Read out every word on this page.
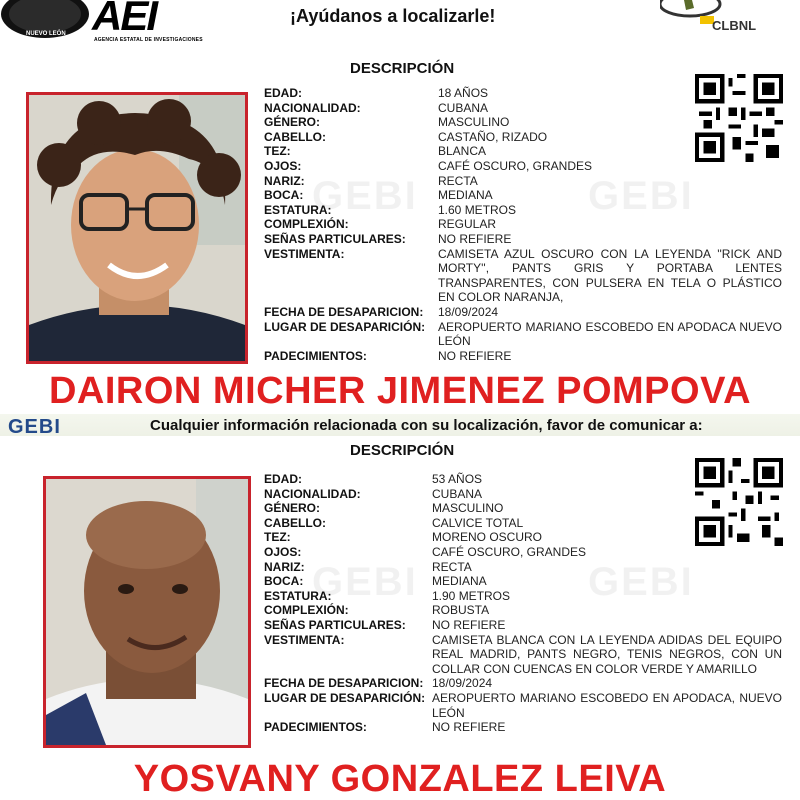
NUEVO LEÓN AEI
AGENCIA ESTATAL DE INVESTIGACIONES
¡Ayúdanos a localizarle!	CLBNL
GEBI	GEBI
DESCRIPCIÓN
EDAD:	18 AÑOS
NACIONALIDAD:	CUBANA
GÉNERO:	MASCULINO
CABELLO:	CASTAÑO, RIZADO
TEZ:	BLANCA
OJOS:	CAFÉ OSCURO, GRANDES
NARIZ:	RECTA
BOCA:	MEDIANA
ESTATURA:	1.60 METROS
COMPLEXIÓN:	REGULAR
SEÑAS PARTICULARES:	NO REFIERE
VESTIMENTA:	CAMISETA AZUL OSCURO CON LA LEYENDA ''RICK AND MORTY'', PANTS GRIS Y PORTABA LENTES TRANSPARENTES, CON PULSERA EN TELA O PLÁSTICO EN COLOR NARANJA,
FECHA DE DESAPARICION:	18/09/2024
LUGAR DE DESAPARICIÓN:	AEROPUERTO MARIANO ESCOBEDO EN APODACA NUEVO LEÓN
PADECIMIENTOS:	NO REFIERE
DAIRON MICHER JIMENEZ POMPOVA
GEBI	Cualquier información relacionada con su localización, favor de comunicar a:
GEBI	GEBI
DESCRIPCIÓN
EDAD:	53 AÑOS
NACIONALIDAD:	CUBANA
GÉNERO:	MASCULINO
CABELLO:	CALVICE TOTAL
TEZ:	MORENO OSCURO
OJOS:	CAFÉ OSCURO, GRANDES
NARIZ:	RECTA
BOCA:	MEDIANA
ESTATURA:	1.90 METROS
COMPLEXIÓN:	ROBUSTA
SEÑAS PARTICULARES:	NO REFIERE
VESTIMENTA:	CAMISETA BLANCA CON LA LEYENDA ADIDAS DEL EQUIPO REAL MADRID, PANTS NEGRO, TENIS NEGROS, CON UN COLLAR CON CUENCAS EN COLOR VERDE Y AMARILLO
FECHA DE DESAPARICION: 18/09/2024
LUGAR DE DESAPARICIÓN: AEROPUERTO MARIANO ESCOBEDO EN APODACA, NUEVO LEÓN
PADECIMIENTOS:	NO REFIERE
YOSVANY GONZALEZ LEIVA
